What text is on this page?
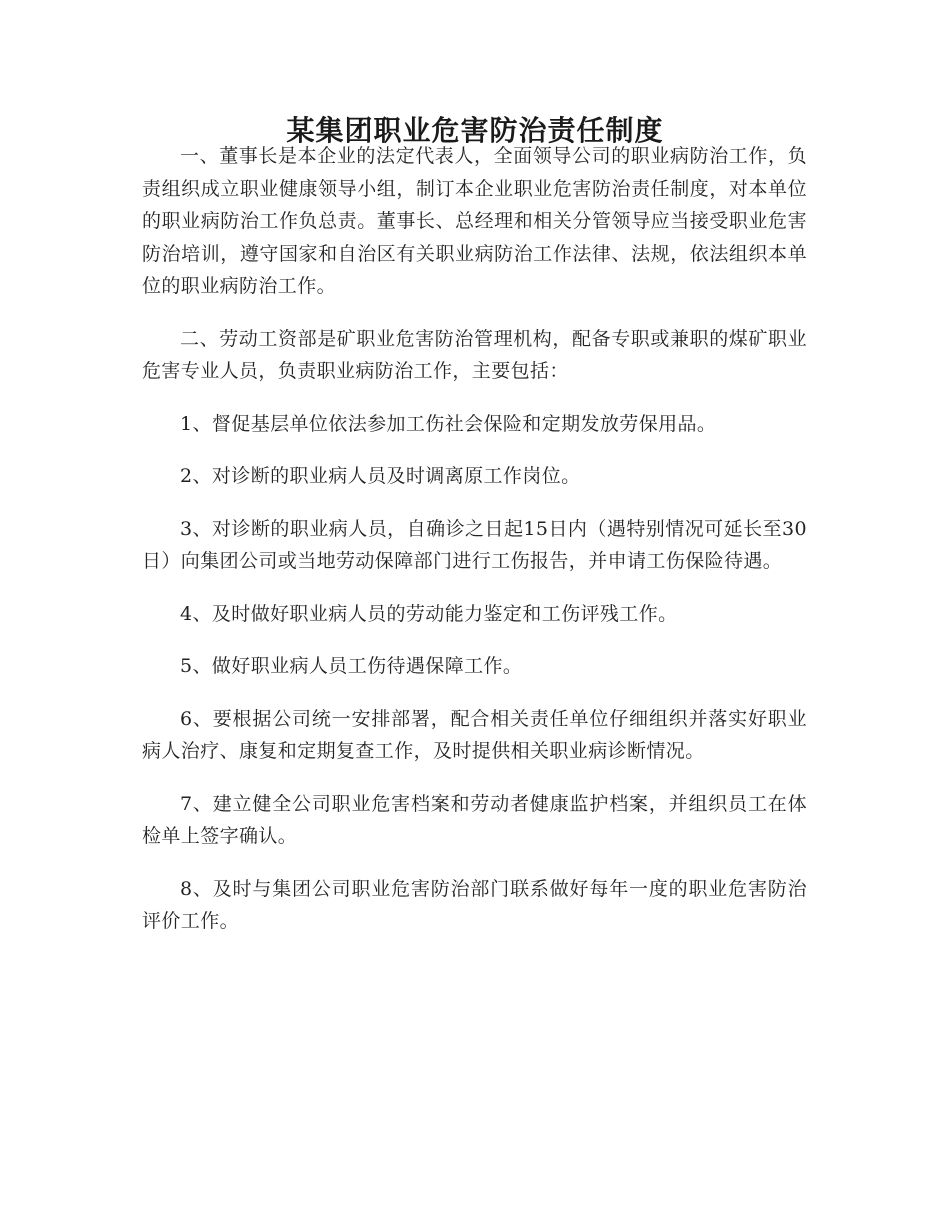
某集团职业危害防治责任制度

一、董事长是本企业的法定代表人，全面领导公司的职业病防治工作，负责组织成立职业健康领导小组，制订本企业职业危害防治责任制度，对本单位的职业病防治工作负总责。董事长、总经理和相关分管领导应当接受职业危害防治培训，遵守国家和自治区有关职业病防治工作法律、法规，依法组织本单位的职业病防治工作。

二、劳动工资部是矿职业危害防治管理机构，配备专职或兼职的煤矿职业危害专业人员，负责职业病防治工作，主要包括：

1、督促基层单位依法参加工伤社会保险和定期发放劳保用品。

2、对诊断的职业病人员及时调离原工作岗位。

3、对诊断的职业病人员，自确诊之日起15日内（遇特别情况可延长至30日）向集团公司或当地劳动保障部门进行工伤报告，并申请工伤保险待遇。

4、及时做好职业病人员的劳动能力鉴定和工伤评残工作。

5、做好职业病人员工伤待遇保障工作。

6、要根据公司统一安排部署，配合相关责任单位仔细组织并落实好职业病人治疗、康复和定期复查工作，及时提供相关职业病诊断情况。

7、建立健全公司职业危害档案和劳动者健康监护档案，并组织员工在体检单上签字确认。

8、及时与集团公司职业危害防治部门联系做好每年一度的职业危害防治评价工作。
